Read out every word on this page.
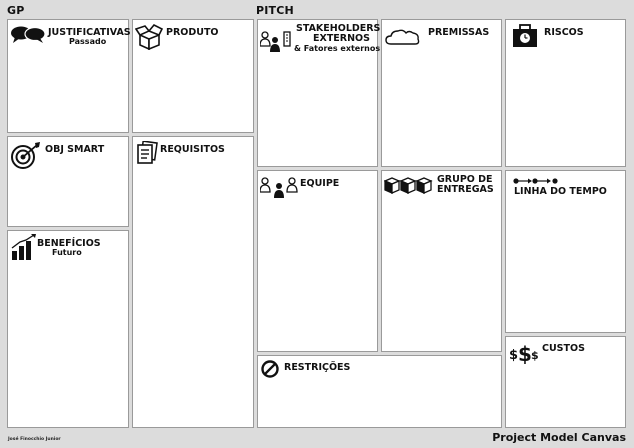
GP	PITCH
JUSTIFICATIVAS
Passado
PRODUTO	STAKEHOLDERS
EXTERNOS
& Fatores externos
PREMISSAS	RISCOS
OBJ SMART	REQUISITOS
EQUIPE	GRUPO DE
ENTREGAS LINHA DO TEMPO
BENEFÍCIOS
Futuro
RESTRIÇÕES
$ $ $
CUSTOS
José Finocchio Junior	Project Model Canvas
